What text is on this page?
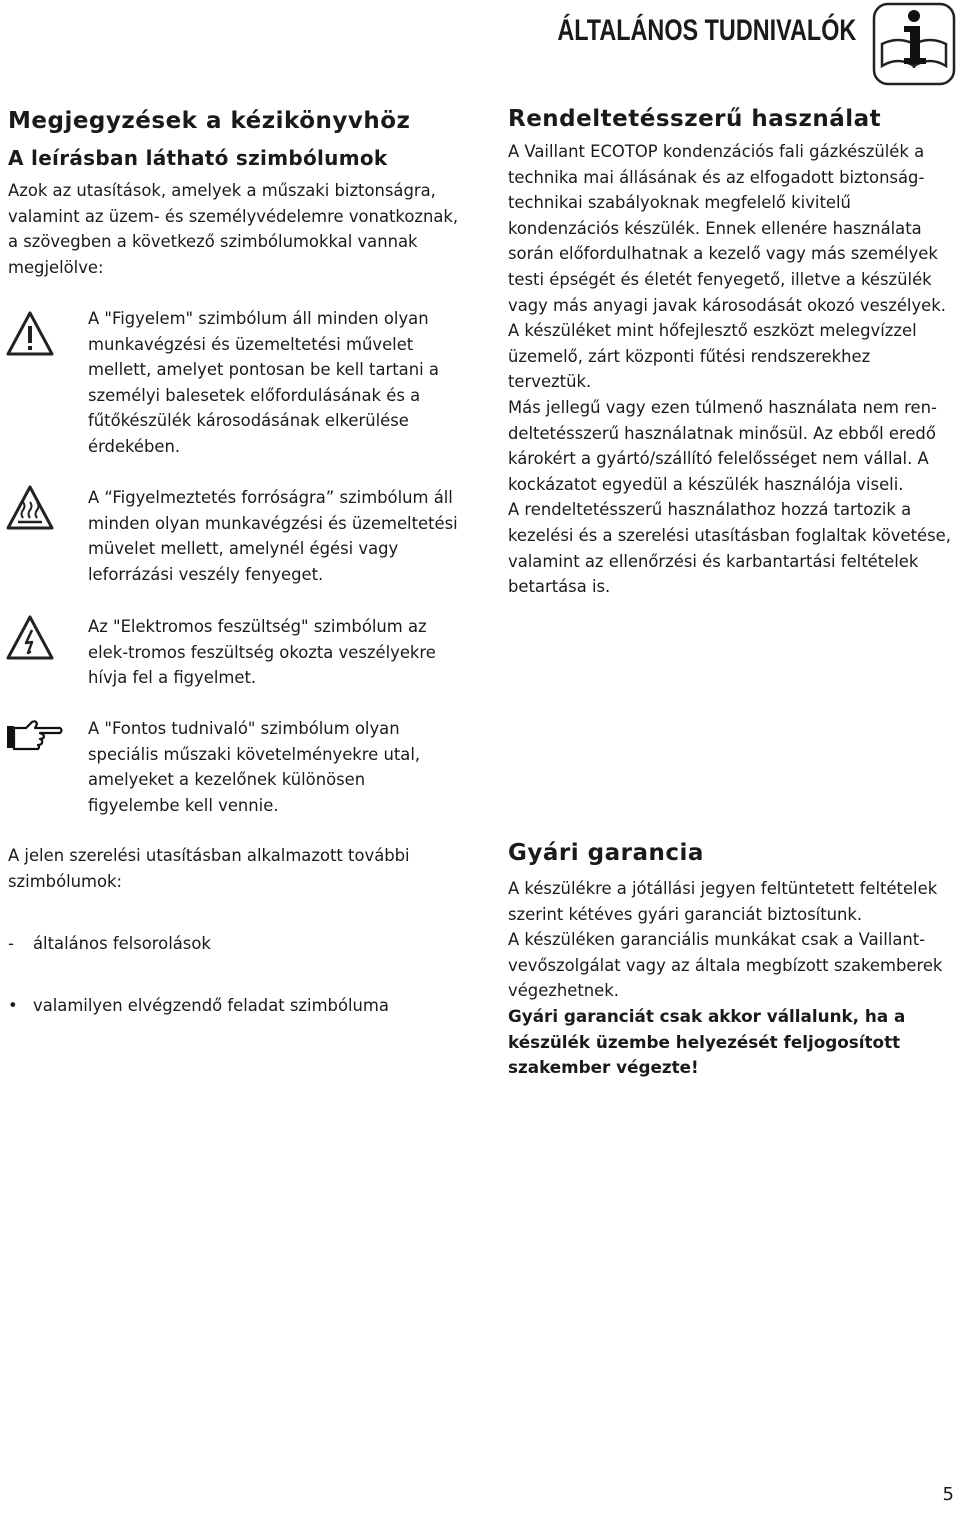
ÁLTALÁNOS TUDNIVALÓK
Megjegyzések a kézikönyvhöz
A leírásban látható szimbólumok
Azok az utasítások, amelyek a műszaki biztonságra,
valamint az üzem- és személyvédelemre vonatkoznak,
a szövegben a következő szimbólumokkal vannak
megjelölve:
A "Figyelem" szimbólum áll minden olyan
munkavégzési és üzemeltetési művelet
mellett, amelyet pontosan be kell tartani a
személyi balesetek előfordulásának és a
fűtőkészülék károsodásának elkerülése
érdekében.
A “Figyelmeztetés forróságra” szimbólum áll
minden olyan munkavégzési és üzemeltetési
müvelet mellett, amelynél égési vagy
leforrázási veszély fenyeget.
Az "Elektromos feszültség" szimbólum az
elek-tromos feszültség okozta veszélyekre
hívja fel a figyelmet.
A "Fontos tudnivaló" szimbólum olyan
speciális műszaki követelményekre utal,
amelyeket a kezelőnek különösen
figyelembe kell vennie.
A jelen szerelési utasításban alkalmazott további
szimbólumok:
- általános felsorolások
• valamilyen elvégzendő feladat szimbóluma
Rendeltetésszerű használat
A Vaillant ECOTOP kondenzációs fali gázkészülék a
technika mai állásának és az elfogadott biztonság-
technikai szabályoknak megfelelő kivitelű
kondenzációs készülék. Ennek ellenére használata
során előfordulhatnak a kezelő vagy más személyek
testi épségét és életét fenyegető, illetve a készülék
vagy más anyagi javak károsodását okozó veszélyek.
A készüléket mint hőfejlesztő eszközt melegvízzel
üzemelő, zárt központi fűtési rendszerekhez terveztük.
Más jellegű vagy ezen túlmenő használata nem ren-
deltetésszerű használatnak minősül. Az ebből eredő
károkért a gyártó/szállító felelősséget nem vállal. A
kockázatot egyedül a készülék használója viseli.
A rendeltetésszerű használathoz hozzá tartozik a
kezelési és a szerelési utasításban foglaltak követése,
valamint az ellenőrzési és karbantartási feltételek
betartása is.
Gyári garancia
A készülékre a jótállási jegyen feltüntetett feltételek
szerint kétéves gyári garanciát biztosítunk.
A készüléken garanciális munkákat csak a Vaillant-
vevőszolgálat vagy az általa megbízott szakemberek
végezhetnek.
Gyári garanciát csak akkor vállalunk, ha a
készülék üzembe helyezését feljogosított
szakember végezte!
5
